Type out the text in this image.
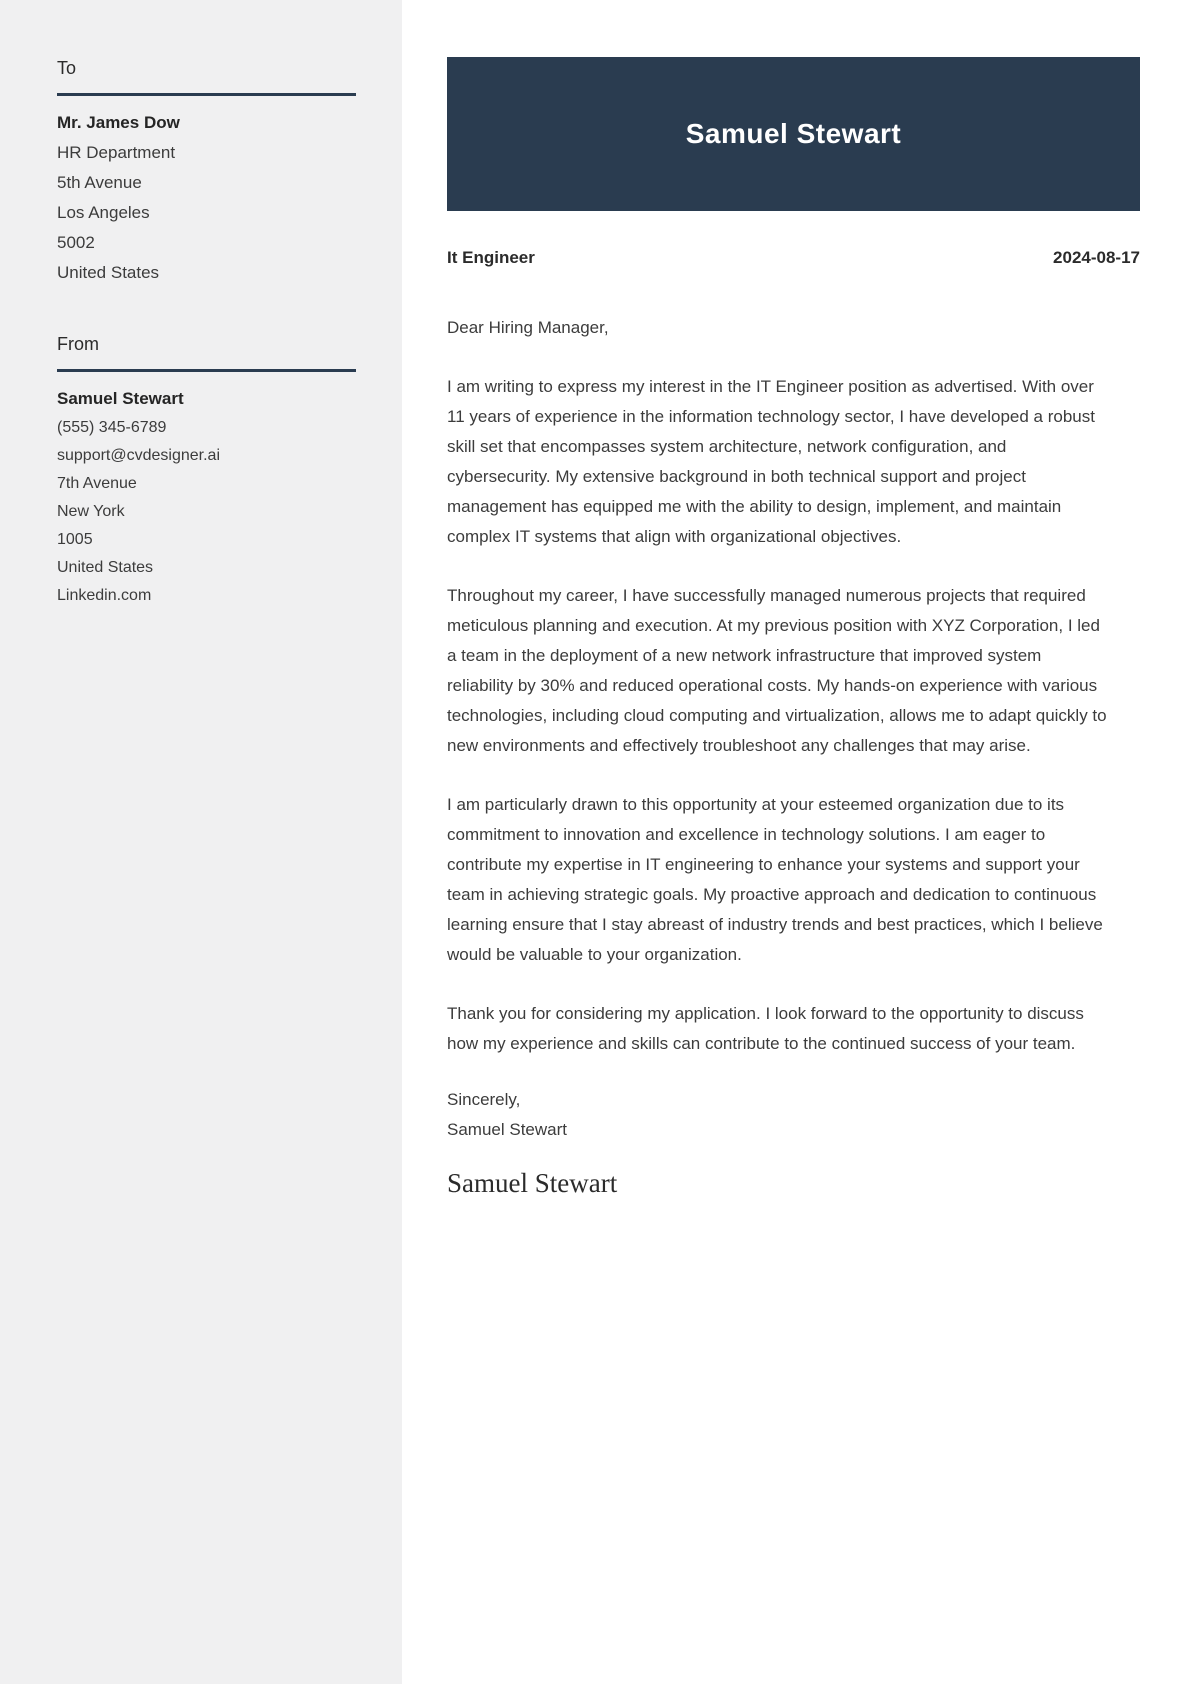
To
Mr. James Dow
HR Department
5th Avenue
Los Angeles
5002
United States
From
Samuel Stewart
(555) 345-6789
support@cvdesigner.ai
7th Avenue
New York
1005
United States
Linkedin.com
Samuel Stewart
It Engineer	2024-08-17

Dear Hiring Manager,

I am writing to express my interest in the IT Engineer position as advertised. With over 11 years of experience in the information technology sector, I have developed a robust skill set that encompasses system architecture, network configuration, and cybersecurity. My extensive background in both technical support and project management has equipped me with the ability to design, implement, and maintain complex IT systems that align with organizational objectives.

Throughout my career, I have successfully managed numerous projects that required meticulous planning and execution. At my previous position with XYZ Corporation, I led a team in the deployment of a new network infrastructure that improved system reliability by 30% and reduced operational costs. My hands-on experience with various technologies, including cloud computing and virtualization, allows me to adapt quickly to new environments and effectively troubleshoot any challenges that may arise.

I am particularly drawn to this opportunity at your esteemed organization due to its commitment to innovation and excellence in technology solutions. I am eager to contribute my expertise in IT engineering to enhance your systems and support your team in achieving strategic goals. My proactive approach and dedication to continuous learning ensure that I stay abreast of industry trends and best practices, which I believe would be valuable to your organization.

Thank you for considering my application. I look forward to the opportunity to discuss how my experience and skills can contribute to the continued success of your team.

Sincerely,
Samuel Stewart
Samuel Stewart
